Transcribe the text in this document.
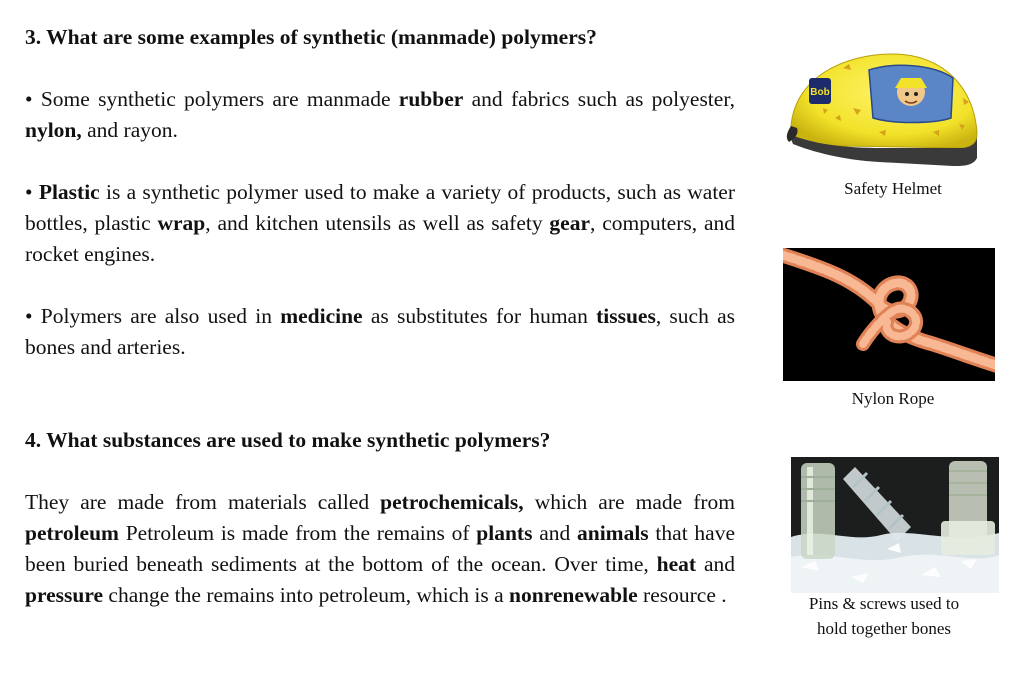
3. What are some examples of synthetic (manmade) polymers?

• Some synthetic polymers are manmade rubber and fabrics such as polyester, nylon, and rayon.

• Plastic is a synthetic polymer used to make a variety of products, such as water bottles, plastic wrap, and kitchen utensils as well as safety gear, computers, and rocket engines.

• Polymers are also used in medicine as substitutes for human tissues, such as bones and arteries.

4. What substances are used to make synthetic polymers?

They are made from materials called petrochemicals, which are made from petroleum Petroleum is made from the remains of plants and animals that have been buried beneath sediments at the bottom of the ocean. Over time, heat and pressure change the remains into petroleum, which is a nonrenewable resource .

Bob
Safety Helmet
Nylon Rope
Pins & screws used to
hold together bones
